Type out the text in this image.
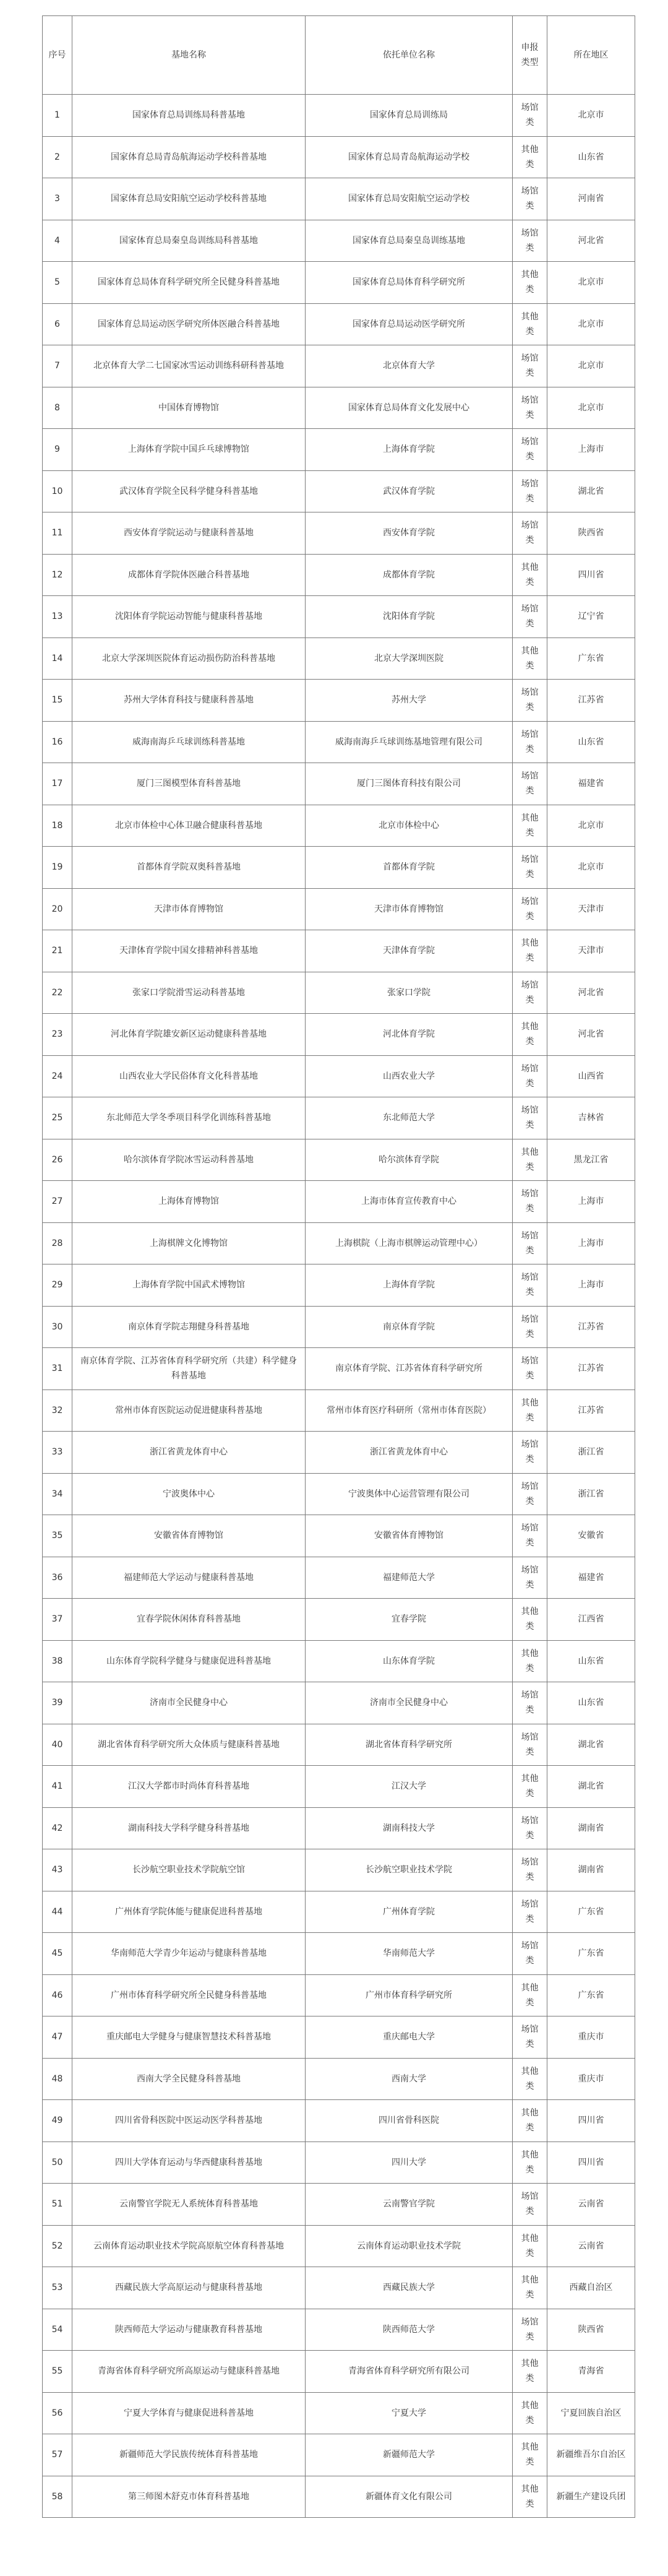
序号	基地名称	依托单位名称	申报类型	所在地区
1	国家体育总局训练局科普基地	国家体育总局训练局	场馆类	北京市
2	国家体育总局青岛航海运动学校科普基地	国家体育总局青岛航海运动学校	其他类	山东省
3	国家体育总局安阳航空运动学校科普基地	国家体育总局安阳航空运动学校	场馆类	河南省
4	国家体育总局秦皇岛训练局科普基地	国家体育总局秦皇岛训练基地	场馆类	河北省
5	国家体育总局体育科学研究所全民健身科普基地	国家体育总局体育科学研究所	其他类	北京市
6	国家体育总局运动医学研究所体医融合科普基地	国家体育总局运动医学研究所	其他类	北京市
7	北京体育大学二七国家冰雪运动训练科研科普基地	北京体育大学	场馆类	北京市
8	中国体育博物馆	国家体育总局体育文化发展中心	场馆类	北京市
9	上海体育学院中国乒乓球博物馆	上海体育学院	场馆类	上海市
10	武汉体育学院全民科学健身科普基地	武汉体育学院	场馆类	湖北省
11	西安体育学院运动与健康科普基地	西安体育学院	场馆类	陕西省
12	成都体育学院体医融合科普基地	成都体育学院	其他类	四川省
13	沈阳体育学院运动智能与健康科普基地	沈阳体育学院	场馆类	辽宁省
14	北京大学深圳医院体育运动损伤防治科普基地	北京大学深圳医院	其他类	广东省
15	苏州大学体育科技与健康科普基地	苏州大学	场馆类	江苏省
16	威海南海乒乓球训练科普基地	威海南海乒乓球训练基地管理有限公司	场馆类	山东省
17	厦门三图模型体育科普基地	厦门三图体育科技有限公司	场馆类	福建省
18	北京市体检中心体卫融合健康科普基地	北京市体检中心	其他类	北京市
19	首都体育学院双奥科普基地	首都体育学院	场馆类	北京市
20	天津市体育博物馆	天津市体育博物馆	场馆类	天津市
21	天津体育学院中国女排精神科普基地	天津体育学院	其他类	天津市
22	张家口学院滑雪运动科普基地	张家口学院	场馆类	河北省
23	河北体育学院雄安新区运动健康科普基地	河北体育学院	其他类	河北省
24	山西农业大学民俗体育文化科普基地	山西农业大学	场馆类	山西省
25	东北师范大学冬季项目科学化训练科普基地	东北师范大学	场馆类	吉林省
26	哈尔滨体育学院冰雪运动科普基地	哈尔滨体育学院	其他类	黑龙江省
27	上海体育博物馆	上海市体育宣传教育中心	场馆类	上海市
28	上海棋牌文化博物馆	上海棋院（上海市棋牌运动管理中心）	场馆类	上海市
29	上海体育学院中国武术博物馆	上海体育学院	场馆类	上海市
30	南京体育学院志翔健身科普基地	南京体育学院	场馆类	江苏省
31	南京体育学院、江苏省体育科学研究所（共建）科学健身科普基地	南京体育学院、江苏省体育科学研究所	场馆类	江苏省
32	常州市体育医院运动促进健康科普基地	常州市体育医疗科研所（常州市体育医院）	其他类	江苏省
33	浙江省黄龙体育中心	浙江省黄龙体育中心	场馆类	浙江省
34	宁波奥体中心	宁波奥体中心运营管理有限公司	场馆类	浙江省
35	安徽省体育博物馆	安徽省体育博物馆	场馆类	安徽省
36	福建师范大学运动与健康科普基地	福建师范大学	场馆类	福建省
37	宜春学院休闲体育科普基地	宜春学院	其他类	江西省
38	山东体育学院科学健身与健康促进科普基地	山东体育学院	其他类	山东省
39	济南市全民健身中心	济南市全民健身中心	场馆类	山东省
40	湖北省体育科学研究所大众体质与健康科普基地	湖北省体育科学研究所	场馆类	湖北省
41	江汉大学都市时尚体育科普基地	江汉大学	其他类	湖北省
42	湖南科技大学科学健身科普基地	湖南科技大学	场馆类	湖南省
43	长沙航空职业技术学院航空馆	长沙航空职业技术学院	场馆类	湖南省
44	广州体育学院体能与健康促进科普基地	广州体育学院	场馆类	广东省
45	华南师范大学青少年运动与健康科普基地	华南师范大学	场馆类	广东省
46	广州市体育科学研究所全民健身科普基地	广州市体育科学研究所	其他类	广东省
47	重庆邮电大学健身与健康智慧技术科普基地	重庆邮电大学	场馆类	重庆市
48	西南大学全民健身科普基地	西南大学	其他类	重庆市
49	四川省骨科医院中医运动医学科普基地	四川省骨科医院	其他类	四川省
50	四川大学体育运动与华西健康科普基地	四川大学	其他类	四川省
51	云南警官学院无人系统体育科普基地	云南警官学院	场馆类	云南省
52	云南体育运动职业技术学院高原航空体育科普基地	云南体育运动职业技术学院	其他类	云南省
53	西藏民族大学高原运动与健康科普基地	西藏民族大学	其他类	西藏自治区
54	陕西师范大学运动与健康教育科普基地	陕西师范大学	场馆类	陕西省
55	青海省体育科学研究所高原运动与健康科普基地	青海省体育科学研究所有限公司	其他类	青海省
56	宁夏大学体育与健康促进科普基地	宁夏大学	其他类	宁夏回族自治区
57	新疆师范大学民族传统体育科普基地	新疆师范大学	其他类	新疆维吾尔自治区
58	第三师图木舒克市体育科普基地	新疆体育文化有限公司	其他类	新疆生产建设兵团
